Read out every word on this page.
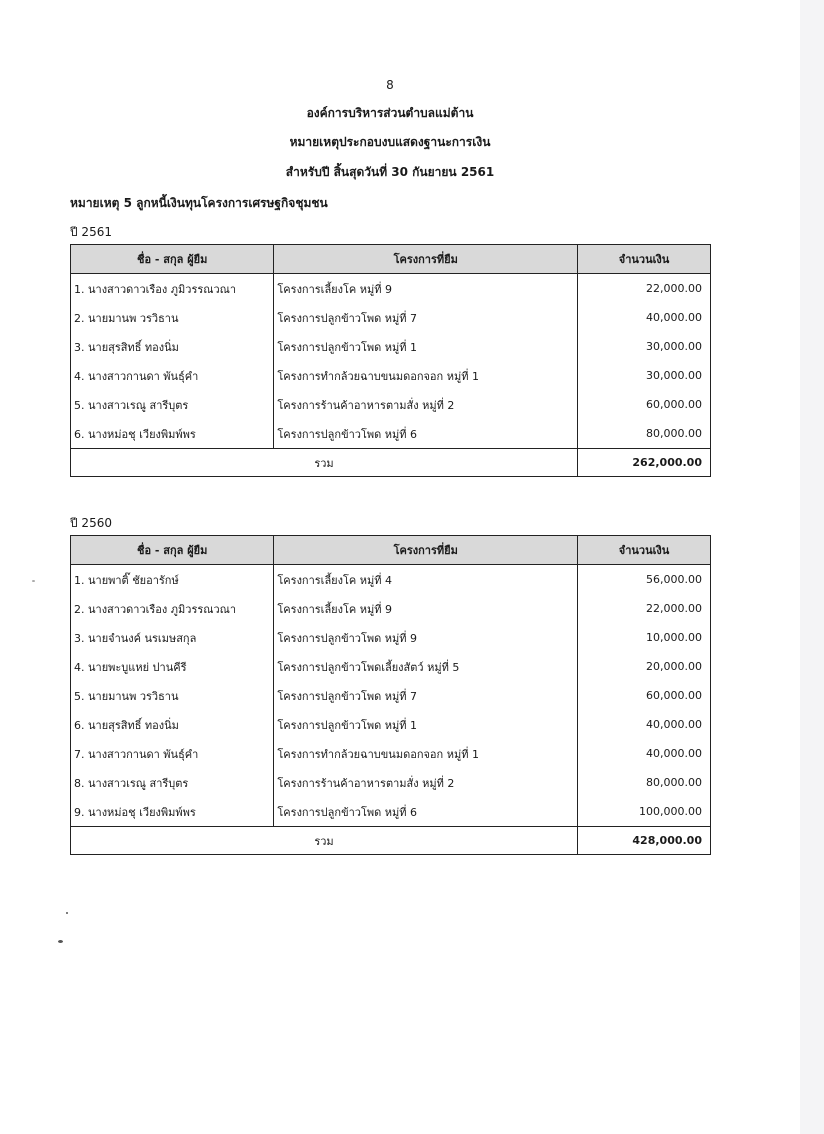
8
องค์การบริหารส่วนตำบลแม่ต้าน
หมายเหตุประกอบงบแสดงฐานะการเงิน
สำหรับปี สิ้นสุดวันที่ 30 กันยายน 2561
หมายเหตุ 5 ลูกหนี้เงินทุนโครงการเศรษฐกิจชุมชน
ปี 2561
ชื่อ - สกุล ผู้ยืม	โครงการที่ยืม	จำนวนเงิน
1. นางสาวดาวเรือง ภูมิวรรณวณา	โครงการเลี้ยงโค หมู่ที่ 9	22,000.00
2. นายมานพ วรวิธาน	โครงการปลูกข้าวโพด หมู่ที่ 7	40,000.00
3. นายสุรสิทธิ์ ทองนิ่ม	โครงการปลูกข้าวโพด หมู่ที่ 1	30,000.00
4. นางสาวกานดา พันธุ์คำ	โครงการทำกล้วยฉาบขนมดอกจอก หมู่ที่ 1	30,000.00
5. นางสาวเรณู สารีบุตร	โครงการร้านค้าอาหารตามสั่ง หมู่ที่ 2	60,000.00
6. นางหม่อชุ เวียงพิมพ์พร	โครงการปลูกข้าวโพด หมู่ที่ 6	80,000.00
รวม		262,000.00
ปี 2560
ชื่อ - สกุล ผู้ยืม	โครงการที่ยืม	จำนวนเงิน
1. นายพาติ๊ ชัยอารักษ์	โครงการเลี้ยงโค หมู่ที่ 4	56,000.00
2. นางสาวดาวเรือง ภูมิวรรณวณา	โครงการเลี้ยงโค หมู่ที่ 9	22,000.00
3. นายจำนงค์ นรเมษสกุล	โครงการปลูกข้าวโพด หมู่ที่ 9	10,000.00
4. นายพะบูแหย่ ปานคีรี	โครงการปลูกข้าวโพดเลี้ยงสัตว์ หมู่ที่ 5	20,000.00
5. นายมานพ วรวิธาน	โครงการปลูกข้าวโพด หมู่ที่ 7	60,000.00
6. นายสุรสิทธิ์ ทองนิ่ม	โครงการปลูกข้าวโพด หมู่ที่ 1	40,000.00
7. นางสาวกานดา พันธุ์คำ	โครงการทำกล้วยฉาบขนมดอกจอก หมู่ที่ 1	40,000.00
8. นางสาวเรณู สารีบุตร	โครงการร้านค้าอาหารตามสั่ง หมู่ที่ 2	80,000.00
9. นางหม่อชุ เวียงพิมพ์พร	โครงการปลูกข้าวโพด หมู่ที่ 6	100,000.00
รวม		428,000.00
